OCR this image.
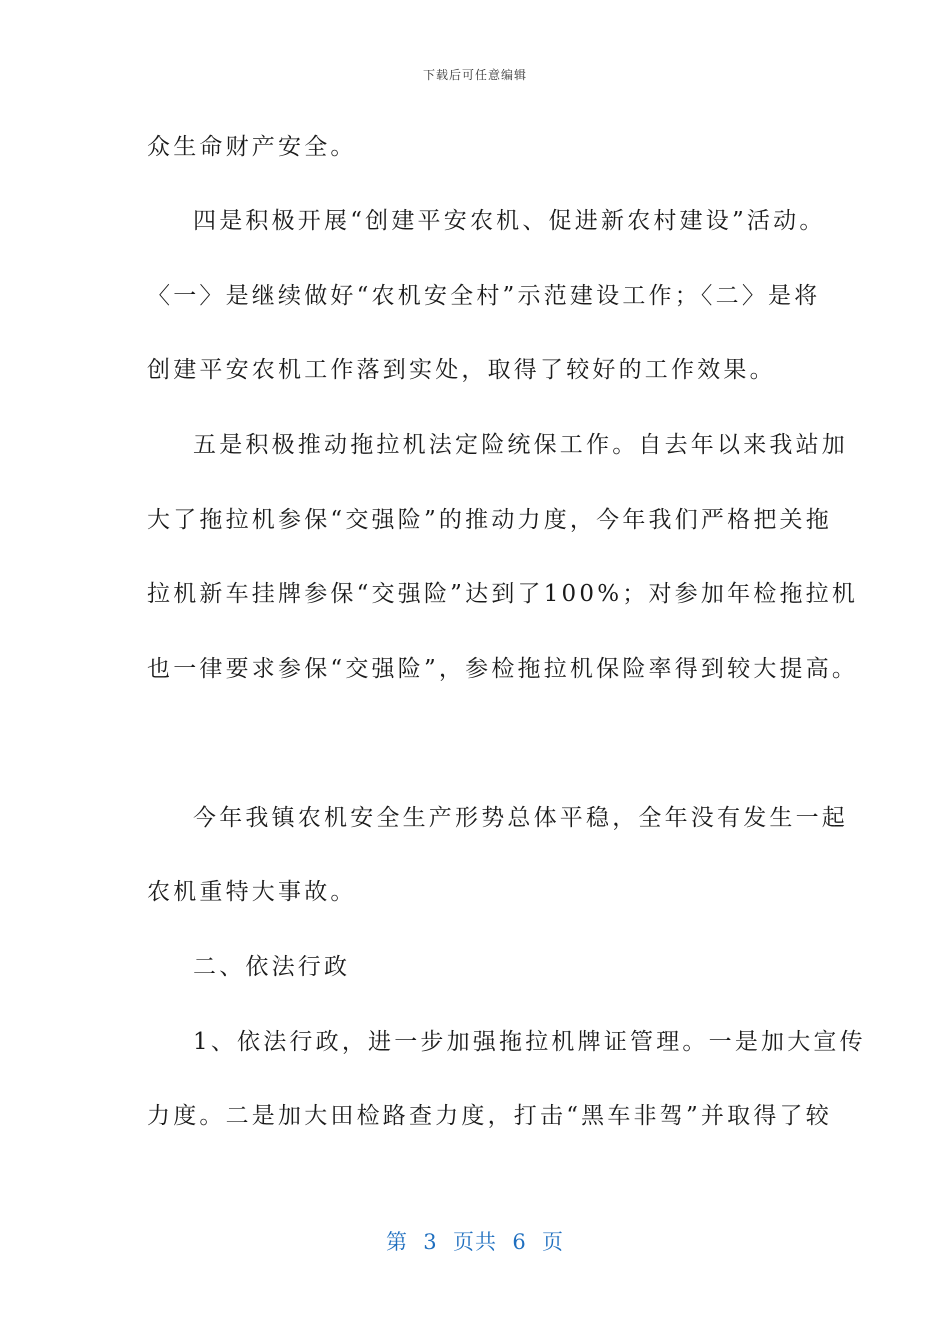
下载后可任意编辑
众生命财产安全。
四是积极开展“创建平安农机、促进新农村建设”活动。
〈一〉是继续做好“农机安全村”示范建设工作；〈二〉是将
创建平安农机工作落到实处，取得了较好的工作效果。
五是积极推动拖拉机法定险统保工作。自去年以来我站加
大了拖拉机参保“交强险”的推动力度，今年我们严格把关拖
拉机新车挂牌参保“交强险”达到了100%；对参加年检拖拉机
也一律要求参保“交强险”，参检拖拉机保险率得到较大提高。
今年我镇农机安全生产形势总体平稳，全年没有发生一起
农机重特大事故。
二、依法行政
1、依法行政，进一步加强拖拉机牌证管理。一是加大宣传
力度。二是加大田检路查力度，打击“黑车非驾”并取得了较
第  3  页共  6  页
